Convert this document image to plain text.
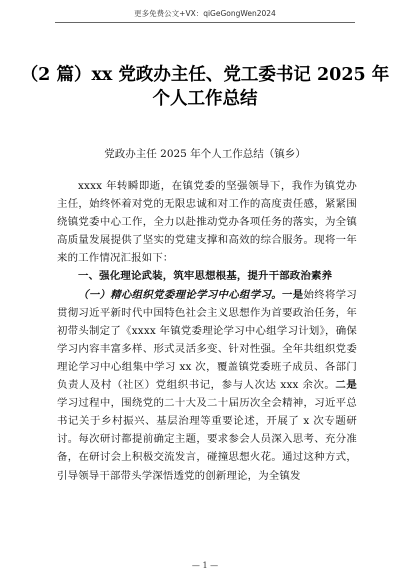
更多免费公文+VX：qiGeGongWen2024
（2 篇）xx 党政办主任、党工委书记 2025 年个人工作总结
党政办主任 2025 年个人工作总结（镇乡）

xxxx 年转瞬即逝，在镇党委的坚强领导下，我作为镇党办主任，始终怀着对党的无限忠诚和对工作的高度责任感，紧紧围绕镇党委中心工作，全力以赴推动党办各项任务的落实，为全镇高质量发展提供了坚实的党建支撑和高效的综合服务。现将一年来的工作情况汇报如下：

一、强化理论武装，筑牢思想根基，提升干部政治素养

（一）精心组织党委理论学习中心组学习。一是始终将学习贯彻习近平新时代中国特色社会主义思想作为首要政治任务，年初带头制定了《xxxx 年镇党委理论学习中心组学习计划》，确保学习内容丰富多样、形式灵活多变、针对性强。全年共组织党委理论学习中心组集中学习 xx 次，覆盖镇党委班子成员、各部门负责人及村（社区）党组织书记，参与人次达 xxx 余次。二是学习过程中，围绕党的二十大及二十届历次全会精神，习近平总书记关于乡村振兴、基层治理等重要论述，开展了 x 次专题研讨。每次研讨都提前确定主题，要求参会人员深入思考、充分准备，在研讨会上积极交流发言，碰撞思想火花。通过这种方式，引导领导干部带头学深悟透党的创新理论，为全镇发

— 1 —
